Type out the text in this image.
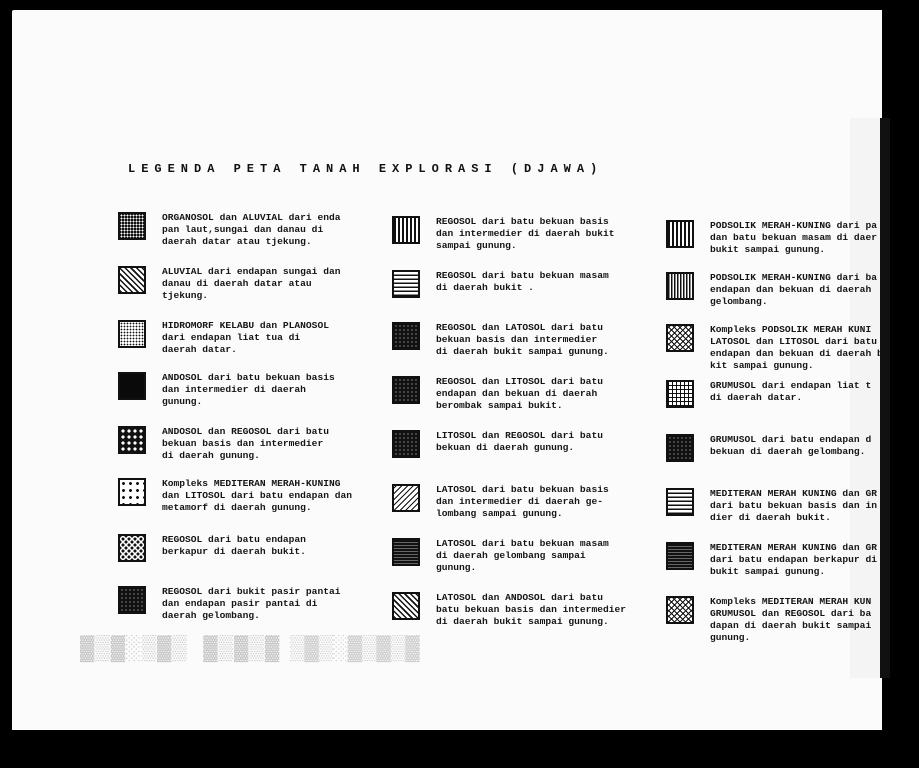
LEGENDA PETA TANAH EXPLORASI (DJAWA)
ORGANOSOL dan ALUVIAL dari enda
pan laut,sungai dan danau di
daerah datar atau tjekung.
ALUVIAL dari endapan sungai dan
danau di daerah datar atau
tjekung.
HIDROMORF KELABU dan PLANOSOL
dari endapan liat tua di
daerah datar.
ANDOSOL dari batu bekuan basis
dan intermedier di daerah
gunung.
ANDOSOL dan REGOSOL dari batu
bekuan basis dan intermedier
di daerah gunung.
Kompleks MEDITERAN MERAH-KUNING
dan LITOSOL dari batu endapan dan
metamorf di daerah gunung.
REGOSOL dari batu endapan
berkapur di daerah bukit.
REGOSOL dari bukit pasir pantai
dan endapan pasir pantai di
daerah gelombang.
REGOSOL dari batu bekuan basis
dan intermedier di daerah bukit
sampai gunung.
REGOSOL dari batu bekuan masam
di daerah bukit .
REGOSOL dan LATOSOL dari batu
bekuan basis dan intermedier
di daerah bukit sampai gunung.
REGOSOL dan LITOSOL dari batu
endapan dan bekuan di daerah
berombak sampai bukit.
LITOSOL dan REGOSOL dari batu
bekuan di daerah gunung.
LATOSOL dari batu bekuan basis
dan intermedier di daerah ge-
lombang sampai gunung.
LATOSOL dari batu bekuan masam
di daerah gelombang sampai
gunung.
LATOSOL dan ANDOSOL dari batu
batu bekuan basis dan intermedier
di daerah bukit sampai gunung.
PODSOLIK MERAH-KUNING dari pa
dan batu bekuan masam di daer
bukit sampai gunung.
PODSOLIK MERAH-KUNING dari ba
endapan dan bekuan di daerah
gelombang.
Kompleks PODSOLIK MERAH KUNI
LATOSOL dan LITOSOL dari batu
endapan dan bekuan di daerah b
kit sampai gunung.
GRUMUSOL dari endapan liat t
di daerah datar.
GRUMUSOL dari batu endapan d
bekuan di daerah gelombang.
MEDITERAN MERAH KUNING dan GR
dari batu bekuan basis dan in
dier di daerah bukit.
MEDITERAN MERAH KUNING dan GR
dari batu endapan berkapur di
bukit sampai gunung.
Kompleks MEDITERAN MERAH KUN
GRUMUSOL dan REGOSOL dari ba
dapan di daerah bukit sampai
gunung.
▓▒▓░▒▓▒ ▓▒▓▒▓ ▒▓▒░▓▒▓▒▓
